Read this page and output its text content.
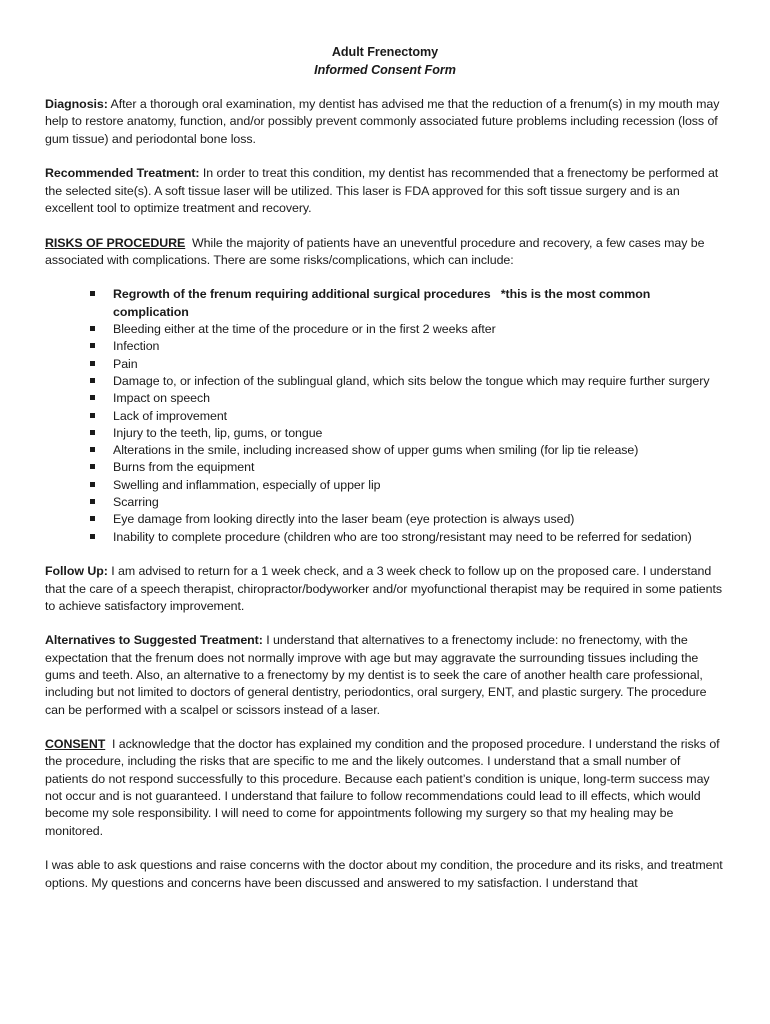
Adult Frenectomy
Informed Consent Form

Diagnosis: After a thorough oral examination, my dentist has advised me that the reduction of a frenum(s) in my mouth may help to restore anatomy, function, and/or possibly prevent commonly associated future problems including recession (loss of gum tissue) and periodontal bone loss.

Recommended Treatment: In order to treat this condition, my dentist has recommended that a frenectomy be performed at the selected site(s). A soft tissue laser will be utilized. This laser is FDA approved for this soft tissue surgery and is an excellent tool to optimize treatment and recovery.

RISKS OF PROCEDURE  While the majority of patients have an uneventful procedure and recovery, a few cases may be associated with complications. There are some risks/complications, which can include:

Regrowth of the frenum requiring additional surgical procedures   *this is the most common complication
Bleeding either at the time of the procedure or in the first 2 weeks after
Infection
Pain
Damage to, or infection of the sublingual gland, which sits below the tongue which may require further surgery
Impact on speech
Lack of improvement
Injury to the teeth, lip, gums, or tongue
Alterations in the smile, including increased show of upper gums when smiling (for lip tie release)
Burns from the equipment
Swelling and inflammation, especially of upper lip
Scarring
Eye damage from looking directly into the laser beam (eye protection is always used)
Inability to complete procedure (children who are too strong/resistant may need to be referred for sedation)

Follow Up: I am advised to return for a 1 week check, and a 3 week check to follow up on the proposed care. I understand that the care of a speech therapist, chiropractor/bodyworker and/or myofunctional therapist may be required in some patients to achieve satisfactory improvement.

Alternatives to Suggested Treatment: I understand that alternatives to a frenectomy include: no frenectomy, with the expectation that the frenum does not normally improve with age but may aggravate the surrounding tissues including the gums and teeth. Also, an alternative to a frenectomy by my dentist is to seek the care of another health care professional, including but not limited to doctors of general dentistry, periodontics, oral surgery, ENT, and plastic surgery. The procedure can be performed with a scalpel or scissors instead of a laser.

CONSENT  I acknowledge that the doctor has explained my condition and the proposed procedure. I understand the risks of the procedure, including the risks that are specific to me and the likely outcomes. I understand that a small number of patients do not respond successfully to this procedure. Because each patient’s condition is unique, long-term success may not occur and is not guaranteed. I understand that failure to follow recommendations could lead to ill effects, which would become my sole responsibility. I will need to come for appointments following my surgery so that my healing may be monitored.

I was able to ask questions and raise concerns with the doctor about my condition, the procedure and its risks, and treatment options. My questions and concerns have been discussed and answered to my satisfaction. I understand that
